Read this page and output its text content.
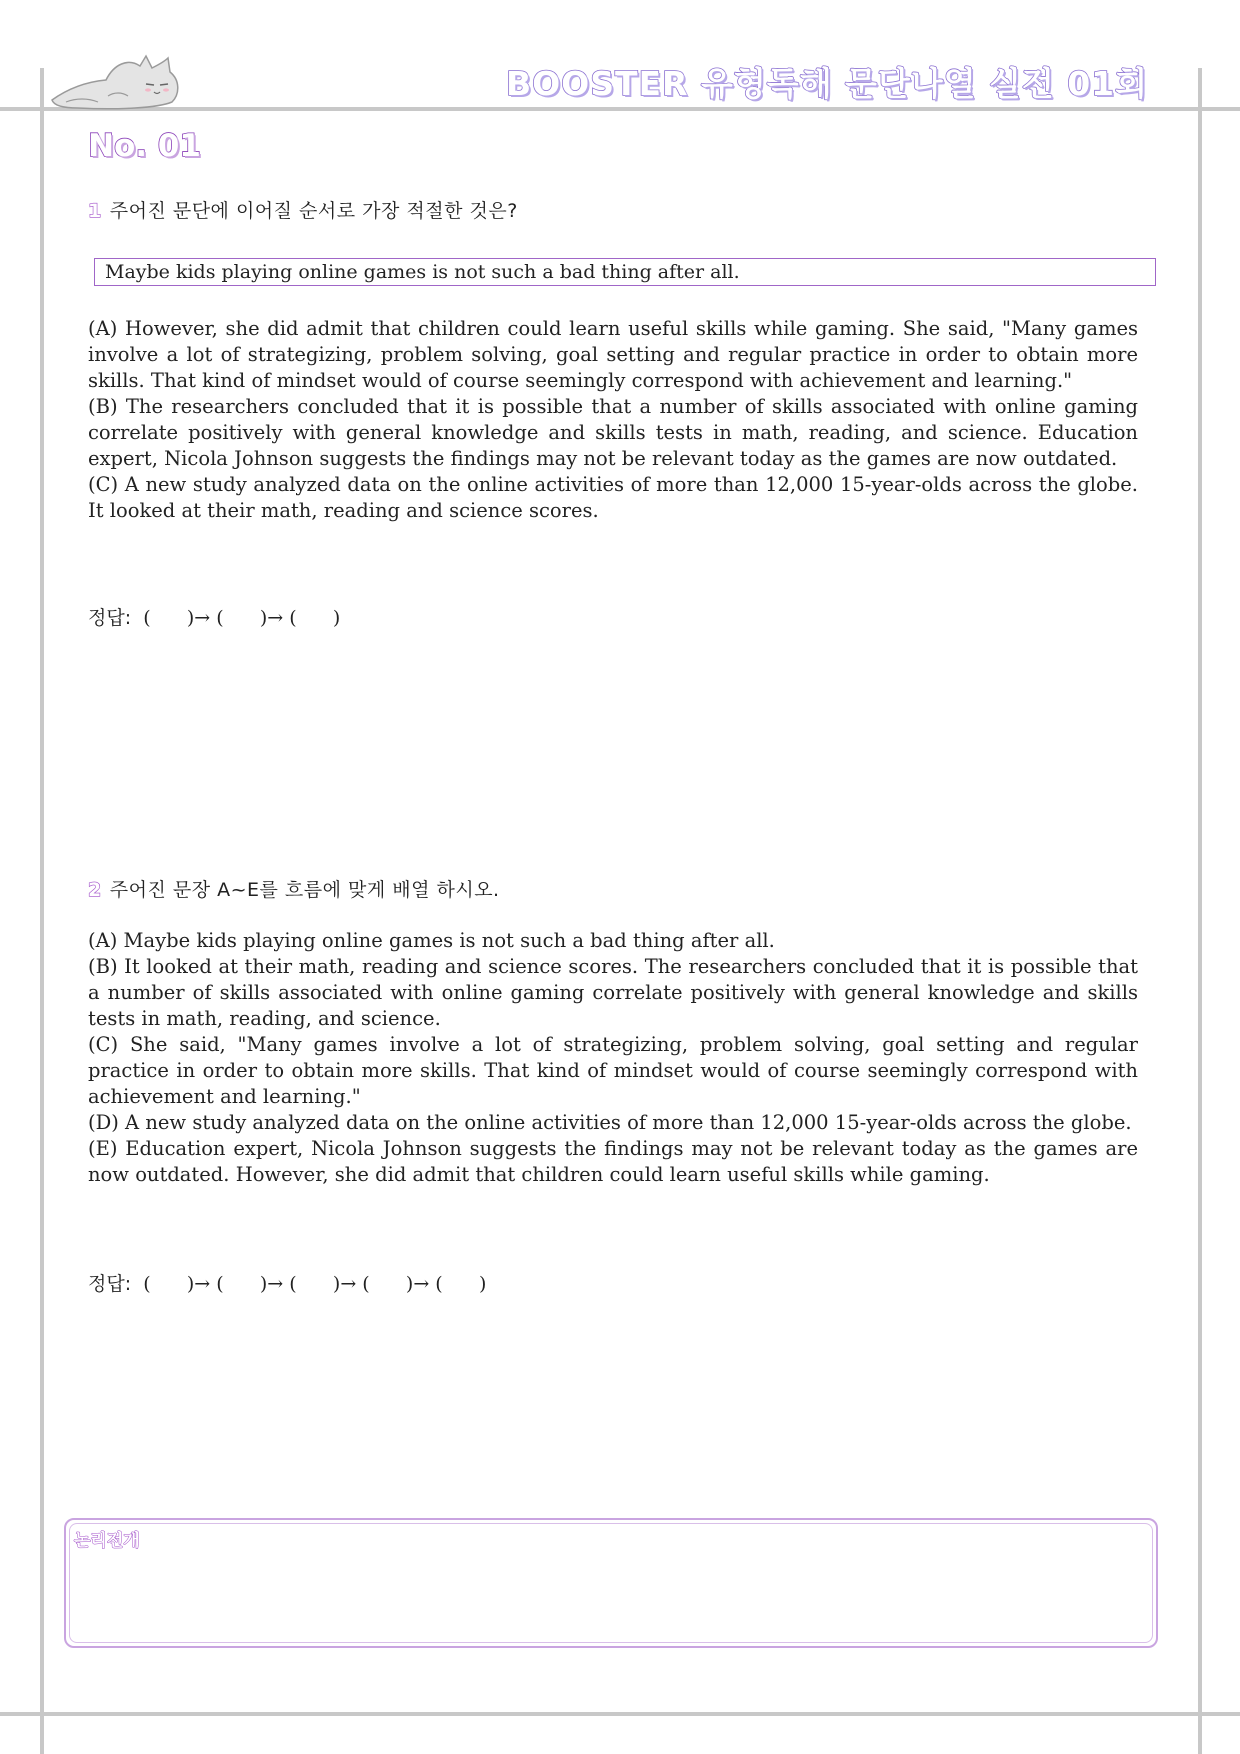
BOOSTER 유형독해 문단나열 실전 01회
No. 01
1 주어진 문단에 이어질 순서로 가장 적절한 것은?
Maybe kids playing online games is not such a bad thing after all.

(A) However, she did admit that children could learn useful skills while gaming. She said, "Many games involve a lot of strategizing, problem solving, goal setting and regular practice in order to obtain more skills. That kind of mindset would of course seemingly correspond with achievement and learning."

(B) The researchers concluded that it is possible that a number of skills associated with online gaming correlate positively with general knowledge and skills tests in math, reading, and science. Education expert, Nicola Johnson suggests the findings may not be relevant today as the games are now outdated.

(C) A new study analyzed data on the online activities of more than 12,000 15-year-olds across the globe. It looked at their math, reading and science scores.

정답: (      )→ (      )→ (      )
2 주어진 문장 A~E를 흐름에 맞게 배열 하시오.

(A) Maybe kids playing online games is not such a bad thing after all.

(B) It looked at their math, reading and science scores. The researchers concluded that it is possible that a number of skills associated with online gaming correlate positively with general knowledge and skills tests in math, reading, and science.

(C) She said, "Many games involve a lot of strategizing, problem solving, goal setting and regular practice in order to obtain more skills. That kind of mindset would of course seemingly correspond with achievement and learning."

(D) A new study analyzed data on the online activities of more than 12,000 15-year-olds across the globe.

(E) Education expert, Nicola Johnson suggests the findings may not be relevant today as the games are now outdated. However, she did admit that children could learn useful skills while gaming.

정답: (      )→ (      )→ (      )→ (      )→ (      )
논리전개
